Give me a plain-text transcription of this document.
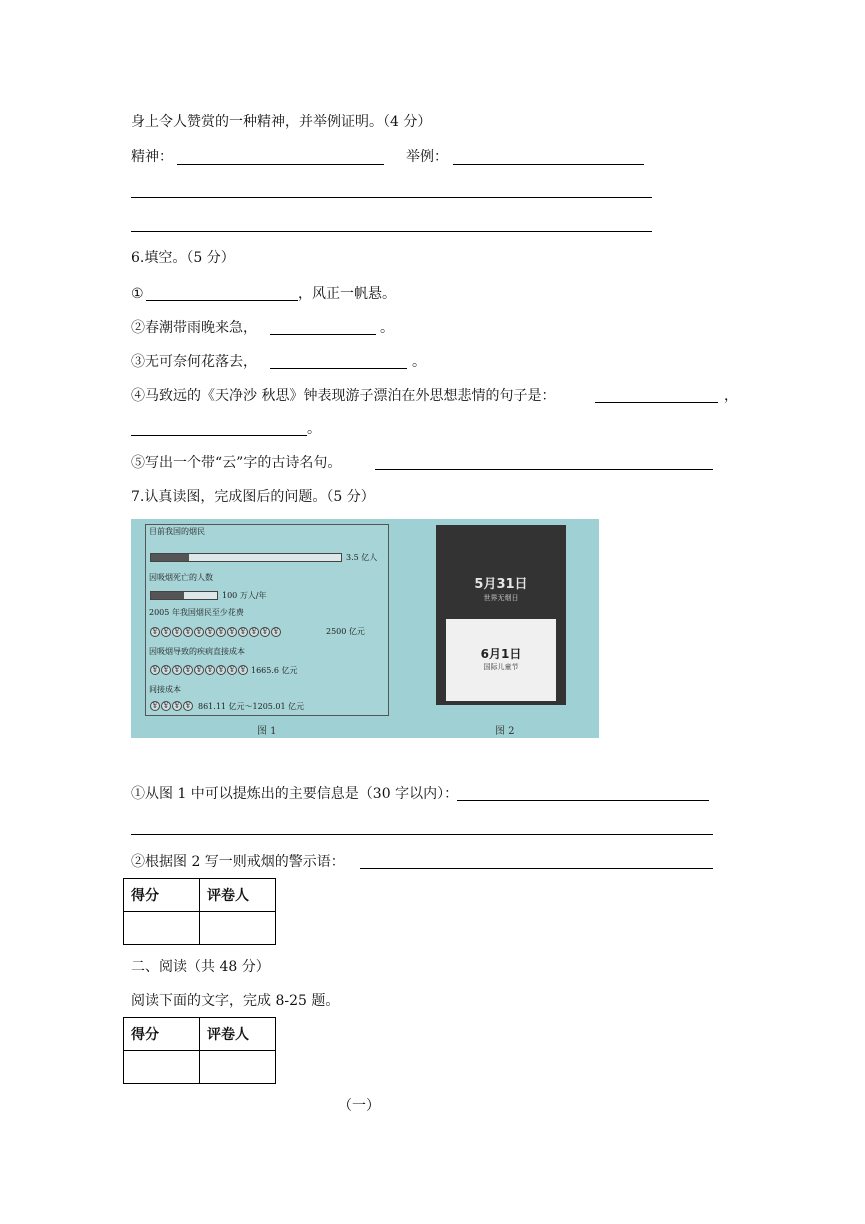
身上令人赞赏的一种精神，并举例证明。（4 分）
精神：	举例：
6.填空。（5 分）
①	，风正一帆悬。
②春潮带雨晚来急，	。
③无可奈何花落去，	。
④马致远的《天净沙 秋思》钟表现游子漂泊在外思想悲情的句子是：	，
。
⑤写出一个带“云”字的古诗名句。
7.认真读图，完成图后的问题。（5 分）
目前我国的烟民
3.5 亿人
因吸烟死亡的人数
100 万人/年
2005 年我国烟民至少花费
¥ ¥ ¥ ¥ ¥ ¥ ¥ ¥ ¥ ¥ ¥ ¥	2500 亿元
因吸烟导致的疾病直接成本
¥ ¥ ¥ ¥ ¥ ¥ ¥ ¥ ¥ 1665.6 亿元
间接成本
¥ ¥ ¥ ¥ 861.11 亿元～1205.01 亿元
图 1
5月31日
世界无烟日
6月1日
国际儿童节
图 2
①从图 1 中可以提炼出的主要信息是（30 字以内）：
②根据图 2 写一则戒烟的警示语：
得分	评卷人

二、阅读（共 48 分）
阅读下面的文字，完成 8-25 题。
得分	评卷人

（一）
